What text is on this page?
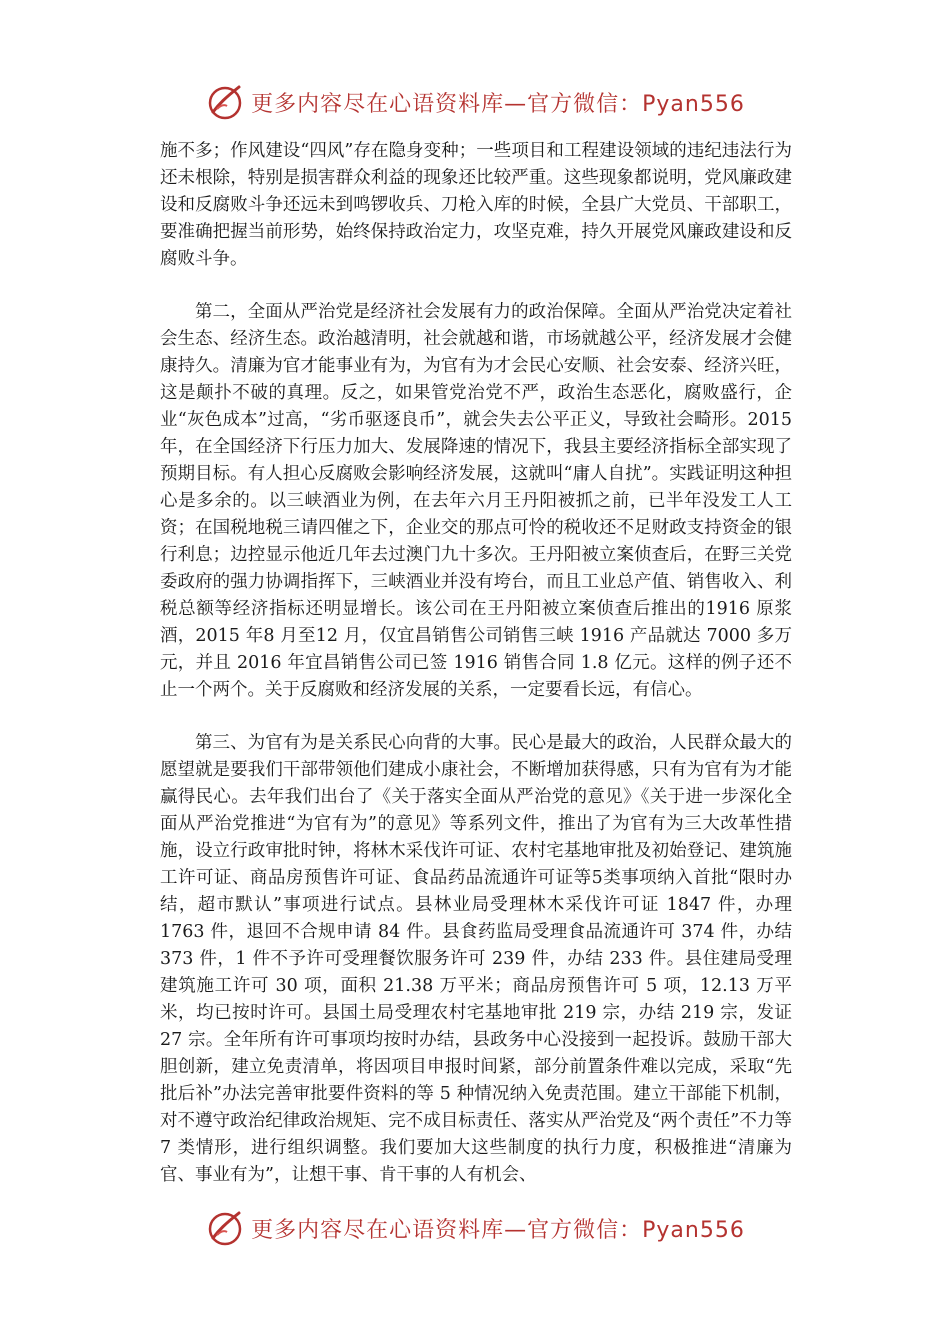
更多内容尽在心语资料库—官方微信：Pyan556

施不多；作风建设“四风”存在隐身变种；一些项目和工程建设领域的违纪违法行为还未根除，特别是损害群众利益的现象还比较严重。这些现象都说明，党风廉政建设和反腐败斗争还远未到鸣锣收兵、刀枪入库的时候，全县广大党员、干部职工，要准确把握当前形势，始终保持政治定力，攻坚克难，持久开展党风廉政建设和反腐败斗争。

第二，全面从严治党是经济社会发展有力的政治保障。全面从严治党决定着社会生态、经济生态。政治越清明，社会就越和谐，市场就越公平，经济发展才会健康持久。清廉为官才能事业有为，为官有为才会民心安顺、社会安泰、经济兴旺，这是颠扑不破的真理。反之，如果管党治党不严，政治生态恶化，腐败盛行，企业“灰色成本”过高，“劣币驱逐良币”，就会失去公平正义，导致社会畸形。2015 年，在全国经济下行压力加大、发展降速的情况下，我县主要经济指标全部实现了预期目标。有人担心反腐败会影响经济发展，这就叫“庸人自扰”。实践证明这种担心是多余的。以三峡酒业为例，在去年六月王丹阳被抓之前，已半年没发工人工资；在国税地税三请四催之下，企业交的那点可怜的税收还不足财政支持资金的银行利息；边控显示他近几年去过澳门九十多次。王丹阳被立案侦查后，在野三关党委政府的强力协调指挥下，三峡酒业并没有垮台，而且工业总产值、销售收入、利税总额等经济指标还明显增长。该公司在王丹阳被立案侦查后推出的1916 原浆酒，2015 年8 月至12 月，仅宜昌销售公司销售三峡 1916 产品就达 7000 多万元，并且 2016 年宜昌销售公司已签 1916 销售合同 1.8 亿元。这样的例子还不止一个两个。关于反腐败和经济发展的关系，一定要看长远，有信心。

第三、为官有为是关系民心向背的大事。民心是最大的政治，人民群众最大的愿望就是要我们干部带领他们建成小康社会，不断增加获得感，只有为官有为才能赢得民心。去年我们出台了《关于落实全面从严治党的意见》《关于进一步深化全面从严治党推进“为官有为”的意见》等系列文件，推出了为官有为三大改革性措施，设立行政审批时钟，将林木采伐许可证、农村宅基地审批及初始登记、建筑施工许可证、商品房预售许可证、食品药品流通许可证等5类事项纳入首批“限时办结，超市默认”事项进行试点。县林业局受理林木采伐许可证 1847 件，办理 1763 件，退回不合规申请 84 件。县食药监局受理食品流通许可 374 件，办结 373 件，1 件不予许可受理餐饮服务许可 239 件，办结 233 件。县住建局受理建筑施工许可 30 项，面积 21.38 万平米；商品房预售许可 5 项，12.13 万平米，均已按时许可。县国土局受理农村宅基地审批 219 宗，办结 219 宗，发证 27 宗。全年所有许可事项均按时办结，县政务中心没接到一起投诉。鼓励干部大胆创新，建立免责清单，将因项目申报时间紧，部分前置条件难以完成，采取“先批后补”办法完善审批要件资料的等 5 种情况纳入免责范围。建立干部能下机制，对不遵守政治纪律政治规矩、完不成目标责任、落实从严治党及“两个责任”不力等 7 类情形，进行组织调整。我们要加大这些制度的执行力度，积极推进“清廉为官、事业有为”，让想干事、肯干事的人有机会、

更多内容尽在心语资料库—官方微信：Pyan556
